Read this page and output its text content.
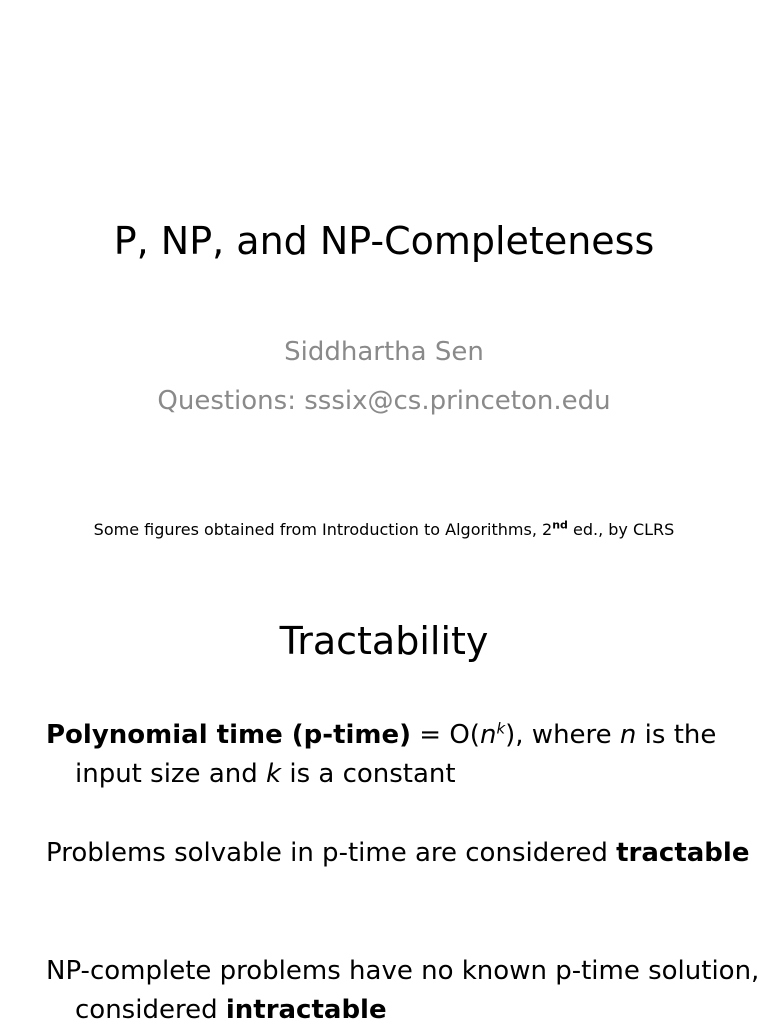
P, NP, and NP-Completeness
Siddhartha Sen
Questions: sssix@cs.princeton.edu
Some figures obtained from Introduction to Algorithms, 2nd ed., by CLRS
Tractability
Polynomial time (p-time) = $O(n^k)$, where n is the input size and k is a constant
Problems solvable in p-time are considered tractable
NP-complete problems have no known p-time solution, considered intractable
